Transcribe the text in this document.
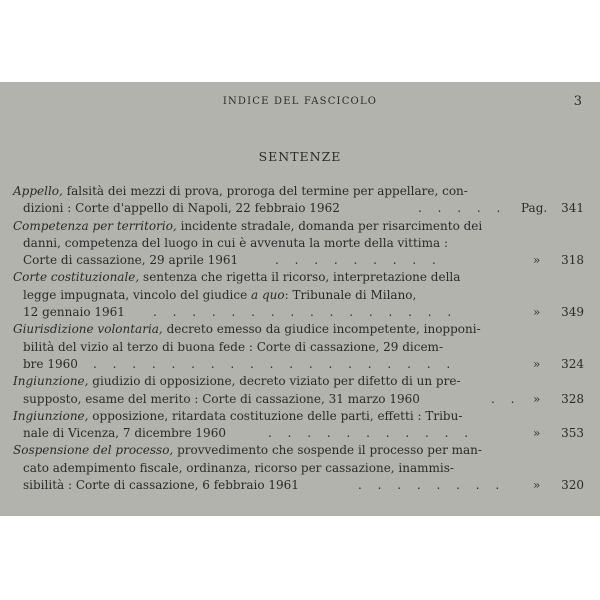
INDICE DEL FASCICOLO	3
SENTENZE
Appello, falsità dei mezzi di prova, proroga del termine per appellare, con-
dizioni : Corte d'appello di Napoli, 22 febbraio 1962	. . . . . Pag. 341
Competenza per territorio, incidente stradale, domanda per risarcimento dei
danni, competenza del luogo in cui è avvenuta la morte della vittima :
Corte di cassazione, 29 aprile 1961	. . . . . . . . .	» 318
Corte costituzionale, sentenza che rigetta il ricorso, interpretazione della
legge impugnata, vincolo del giudice a quo: Tribunale di Milano,
12 gennaio 1961 . . . . . . . . . . . . . . . .	» 349
Giurisdizione volontaria, decreto emesso da giudice incompetente, inopponi-
bilità del vizio al terzo di buona fede : Corte di cassazione, 29 dicem-
bre 1960 . . . . . . . . . . . . . . . . . . .	» 324
Ingiunzione, giudizio di opposizione, decreto viziato per difetto di un pre-
supposto, esame del merito : Corte di cassazione, 31 marzo 1960	. . » 328
Ingiunzione, opposizione, ritardata costituzione delle parti, effetti : Tribu-
nale di Vicenza, 7 dicembre 1960	. . . . . . . . . . .	» 353
Sospensione del processo, provvedimento che sospende il processo per man-
cato adempimento fiscale, ordinanza, ricorso per cassazione, inammis-
sibilità : Corte di cassazione, 6 febbraio 1961	. . . . . . . .	» 320
